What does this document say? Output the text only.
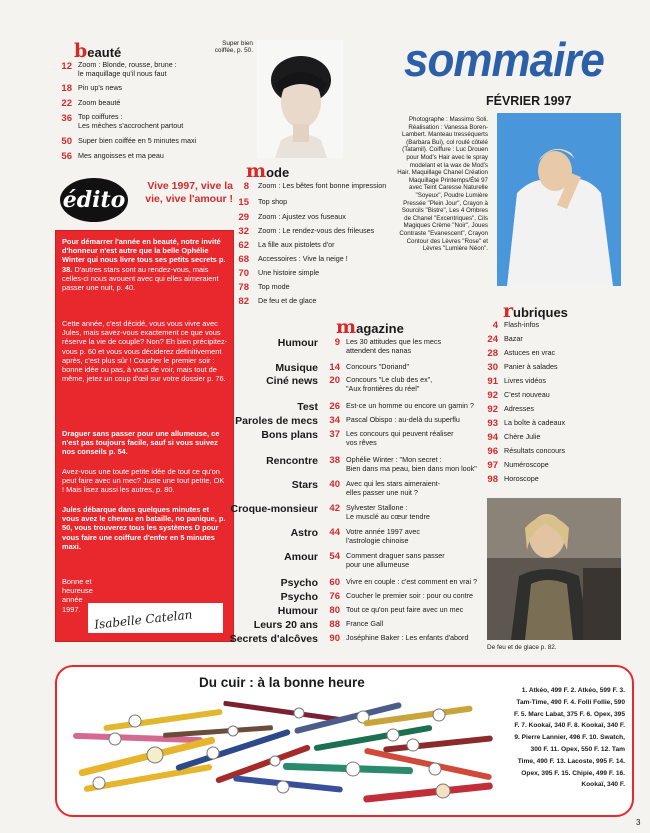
beauté
12 Zoom : Blonde, rousse, brune :
le maquillage qu'il nous faut
18 Pin up's news
22 Zoom beauté
36 Top coiffures :
Les mèches s'accrochent partout
50 Super bien coiffée en 5 minutes maxi
56 Mes angoisses et ma peau
Super bien coiffée, p. 50.	sommaire
FÉVRIER 1997
Photographe : Massimo Soli. Réalisation : Vanessa Boren-Lambert. Manteau tresséquerts (Barbara Bui), col roulé côtelé (Tatamil). Coiffure : Luc Drouen pour Mod's Hair avec le spray modelant et la wax de Mod's Hair. Maquillage Chanel Création Maquillage Printemps/Été 97 avec Teint Caresse Naturelle "Soyeux", Poudre Lumière Pressée "Plein Jour", Crayon à Sourcils "Bistre", Les 4 Ombres de Chanel "Excentriques", Cils Magiques Crème "Noir", Joues Contraste "Evanescent", Crayon Contour des Lèvres "Rose" et Lèvres "Lumière Néon".
édito
Vive 1997, vive la vie, vive l'amour !
Pour démarrer l'année en beauté, notre invité d'honneur n'est autre que la belle Ophélie Winter qui nous livre tous ses petits secrets p. 38. D'autres stars sont au rendez-vous, mais celles-ci nous avouent avec qui elles aimeraient passer une nuit, p. 40.
Cette année, c'est décidé, vous vous vivre avec Jules, mais savez-vous exactement ce que vous réserve la vie de couple? Non? Eh bien précipitez-vous p. 60 et vous vous déciderez définitivement après, c'est plus sûr ! Coucher le premier soir : bonne idée ou pas, à vous de voir, mais tout de même, jetez un coup d'œil sur votre dossier p. 76.
Draguer sans passer pour une allumeuse, ce n'est pas toujours facile, sauf si vous suivez nos conseils p. 54.
Avez-vous une toute petite idée de tout ce qu'on peut faire avec un mec? Juste une tout petite, OK ! Mais lisez aussi les autres, p. 80.
Jules débarque dans quelques minutes et vous avez le cheveu en bataille, no panique, p. 50, vous trouverez tous les systèmes D pour vous faire une coiffure d'enfer en 5 minutes maxi.
Bonne et heureuse année 1997.	Isabelle Catelan
mode
8 Zoom : Les bêtes font bonne impression
15 Top shop
29 Zoom : Ajustez vos fuseaux
32 Zoom : Le rendez-vous des frileuses
62 La fille aux pistolets d'or
68 Accessoires : Vive la neige !
70 Une histoire simple
78 Top mode
82 De feu et de glace
magazine
Humour	9 Les 30 attitudes que les mecs
attendent des nanas
Musique	14 Concours "Doriand"
Ciné news	20 Concours "Le club des ex",
"Aux frontières du réel"
Test	26 Est-ce un homme ou encore un gamin ?
Paroles de mecs	34 Pascal Obispo : au-delà du superflu
Bons plans	37 Les concours qui peuvent réaliser
vos rêves
Rencontre	38 Ophélie Winter : "Mon secret :
Bien dans ma peau, bien dans mon look"
Stars	40 Avec qui les stars aimeraient-
elles passer une nuit ?
Croque-monsieur	42 Sylvester Stallone :
Le musclé au cœur tendre
Astro	44 Votre année 1997 avec
l'astrologie chinoise
Amour	54 Comment draguer sans passer
pour une allumeuse
Psycho	60 Vivre en couple : c'est comment en vrai ?
Psycho	76 Coucher le premier soir : pour ou contre
Humour	80 Tout ce qu'on peut faire avec un mec
Leurs 20 ans	88 France Gall
Secrets d'alcôves	90 Joséphine Baker : Les enfants d'abord
rubriques
4 Flash-infos
24 Bazar
28 Astuces en vrac
30 Panier à salades
91 Livres vidéos
92 C'est nouveau
92 Adresses
93 La boîte à cadeaux
94 Chère Julie
96 Résultats concours
97 Numéroscope
98 Horoscope
De feu et de glace p. 82.
Du cuir : à la bonne heure
1. Atkéo, 499 F. 2. Atkéo, 599 F. 3. Tam-Time, 490 F. 4. Folli Follie, 590 F. 5. Marc Labat, 375 F. 6. Opex, 395 F. 7. Kookaï, 340 F. 8. Kookaï, 340 F. 9. Pierre Lannier, 496 F. 10. Swatch, 300 F. 11. Opex, 550 F. 12. Tam Time, 490 F. 13. Lacoste, 995 F. 14. Opex, 395 F. 15. Chipie, 499 F. 16. Kookaï, 340 F.
3
